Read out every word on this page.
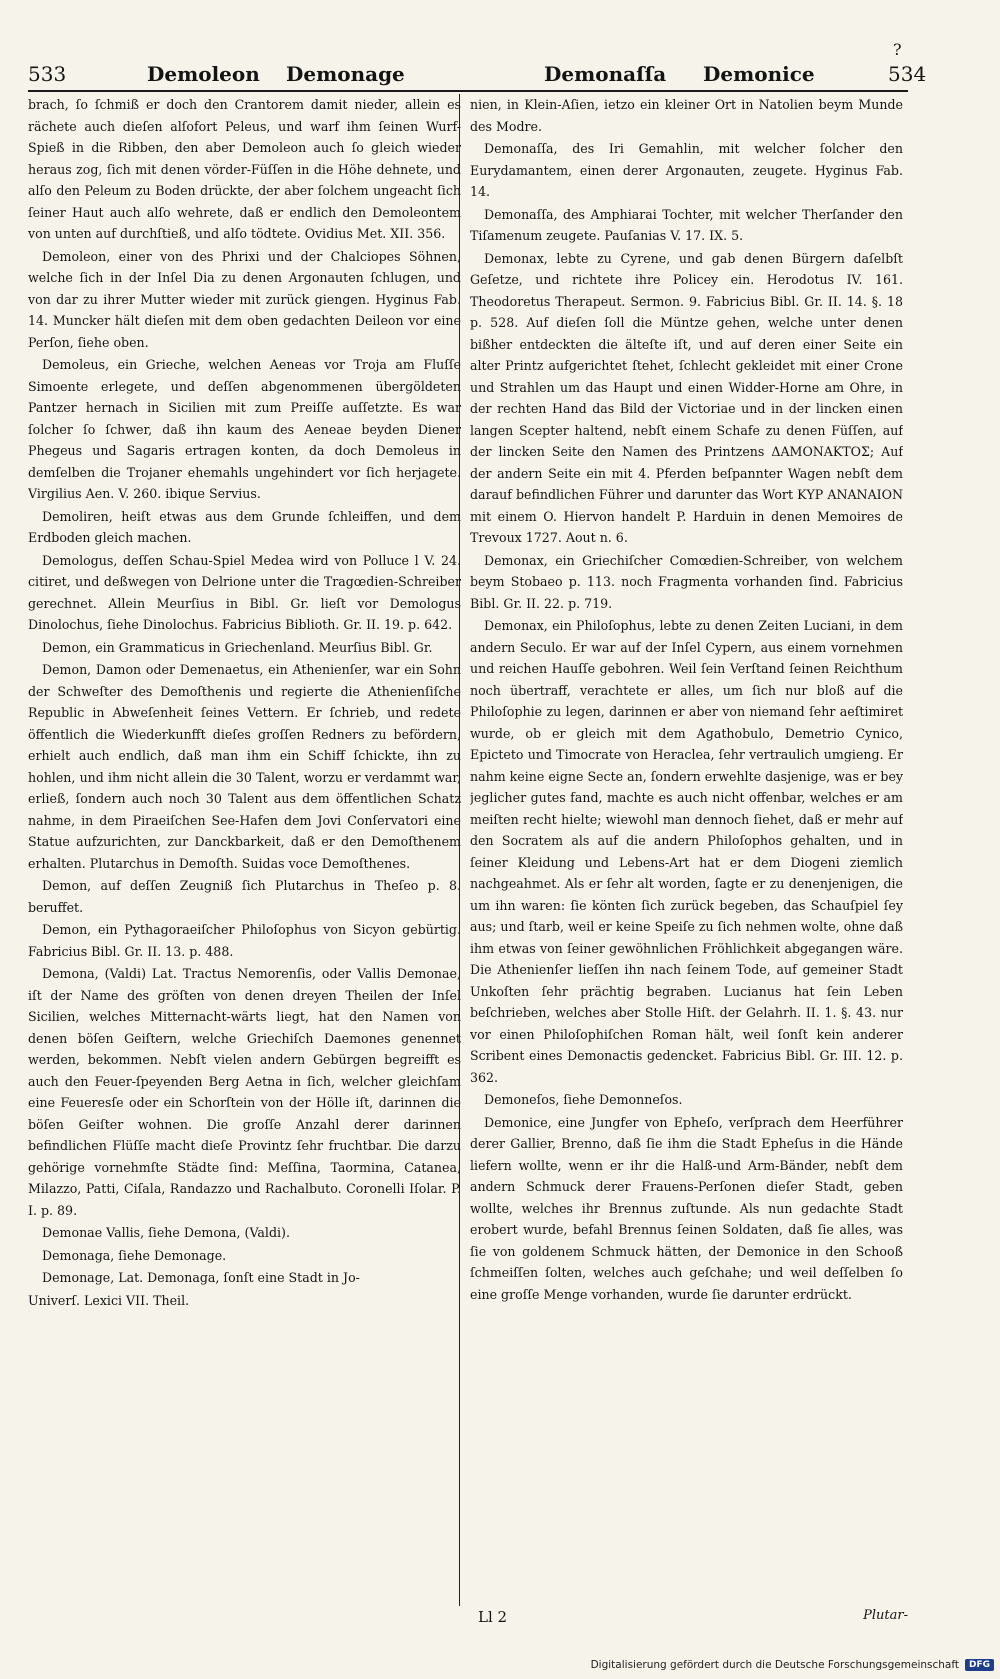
?
533	Demoleon Demonage	Demonaſſa Demonice	534

brach, ſo ſchmiß er doch den Crantorem damit nieder, allein es rächete auch dieſen alſofort Peleus, und warf ihm ſeinen Wurf-Spieß in die Ribben, den aber Demoleon auch ſo gleich wieder heraus zog, ſich mit denen vörder-Füſſen in die Höhe dehnete, und alſo den Peleum zu Boden drückte, der aber ſolchem ungeacht ſich ſeiner Haut auch alſo wehrete, daß er endlich den Demoleontem von unten auf durchſtieß, und alſo tödtete. Ovidius Met. XII. 356.

Demoleon, einer von des Phrixi und der Chalciopes Söhnen, welche ſich in der Inſel Dia zu denen Argonauten ſchlugen, und von dar zu ihrer Mutter wieder mit zurück giengen. Hyginus Fab. 14. Muncker hält dieſen mit dem oben gedachten Deileon vor eine Perſon, ſiehe oben.

Demoleus, ein Grieche, welchen Aeneas vor Troja am Fluſſe Simoente erlegete, und deſſen abgenommenen übergöldeten Pantzer hernach in Sicilien mit zum Preiſſe auſſetzte. Es war ſolcher ſo ſchwer, daß ihn kaum des Aeneae beyden Diener Phegeus und Sagaris ertragen konten, da doch Demoleus in demſelben die Trojaner ehemahls ungehindert vor ſich herjagete. Virgilius Aen. V. 260. ibique Servius.

Demoliren, heiſt etwas aus dem Grunde ſchleiffen, und dem Erdboden gleich machen.

Demologus, deſſen Schau-Spiel Medea wird von Polluce l V. 24. citiret, und deßwegen von Delrione unter die Tragœdien-Schreiber gerechnet. Allein Meurſius in Bibl. Gr. lieſt vor Demologus Dinolochus, ſiehe Dinolochus. Fabricius Biblioth. Gr. II. 19. p. 642.

Demon, ein Grammaticus in Griechenland. Meurſius Bibl. Gr.

Demon, Damon oder Demenaetus, ein Athenienſer, war ein Sohn der Schweſter des Demoſthenis und regierte die Athenienſiſche Republic in Abweſenheit ſeines Vettern. Er ſchrieb, und redete öffentlich die Wiederkunfft dieſes groſſen Redners zu befördern, erhielt auch endlich, daß man ihm ein Schiff ſchickte, ihn zu hohlen, und ihm nicht allein die 30 Talent, worzu er verdammt war, erließ, ſondern auch noch 30 Talent aus dem öffentlichen Schatz nahme, in dem Piraeiſchen See-Hafen dem Jovi Conſervatori eine Statue aufzurichten, zur Danckbarkeit, daß er den Demoſthenem erhalten. Plutarchus in Demoſth. Suidas voce Demoſthenes.

Demon, auf deſſen Zeugniß ſich Plutarchus in Theſeo p. 8. beruffet.

Demon, ein Pythagoraeiſcher Philoſophus von Sicyon gebürtig. Fabricius Bibl. Gr. II. 13. p. 488.

Demona, (Valdi) Lat. Tractus Nemorenſis, oder Vallis Demonae, iſt der Name des gröſten von denen dreyen Theilen der Inſel Sicilien, welches Mitternacht-wärts liegt, hat den Namen von denen böſen Geiſtern, welche Griechiſch Daemones genennet werden, bekommen. Nebſt vielen andern Gebürgen begreifft es auch den Feuer-ſpeyenden Berg Aetna in ſich, welcher gleichſam eine Feueresſe oder ein Schorſtein von der Hölle iſt, darinnen die böſen Geiſter wohnen. Die groſſe Anzahl derer darinnen befindlichen Flüſſe macht dieſe Provintz ſehr fruchtbar. Die darzu gehörige vornehmſte Städte ſind: Meſſina, Taormina, Catanea, Milazzo, Patti, Ciſala, Randazzo und Rachalbuto. Coronelli Iſolar. P. I. p. 89.

Demonae Vallis, ſiehe Demona, (Valdi).

Demonaga, ſiehe Demonage.

Demonage, Lat. Demonaga, ſonſt eine Stadt in Jo-

Univerſ. Lexici VII. Theil.

nien, in Klein-Aſien, ietzo ein kleiner Ort in Natolien beym Munde des Modre.

Demonaſſa, des Iri Gemahlin, mit welcher ſolcher den Eurydamantem, einen derer Argonauten, zeugete. Hyginus Fab. 14.

Demonaſſa, des Amphiarai Tochter, mit welcher Therſander den Tiſamenum zeugete. Pauſanias V. 17. IX. 5.

Demonax, lebte zu Cyrene, und gab denen Bürgern daſelbſt Geſetze, und richtete ihre Policey ein. Herodotus IV. 161. Theodoretus Therapeut. Sermon. 9. Fabricius Bibl. Gr. II. 14. §. 18 p. 528. Auf dieſen ſoll die Müntze gehen, welche unter denen bißher entdeckten die älteſte iſt, und auf deren einer Seite ein alter Printz aufgerichtet ſtehet, ſchlecht gekleidet mit einer Crone und Strahlen um das Haupt und einen Widder-Horne am Ohre, in der rechten Hand das Bild der Victoriae und in der lincken einen langen Scepter haltend, nebſt einem Schafe zu denen Füſſen, auf der lincken Seite den Namen des Printzens ΔΑΜΟΝΑΚΤΟΣ; Auf der andern Seite ein mit 4. Pferden beſpannter Wagen nebſt dem darauf befindlichen Führer und darunter das Wort ΚΥΡ ΑΝΑΝΑΙΟΝ mit einem O. Hiervon handelt P. Harduin in denen Memoires de Trevoux 1727. Aout n. 6.

Demonax, ein Griechiſcher Comœdien-Schreiber, von welchem beym Stobaeo p. 113. noch Fragmenta vorhanden ſind. Fabricius Bibl. Gr. II. 22. p. 719.

Demonax, ein Philoſophus, lebte zu denen Zeiten Luciani, in dem andern Seculo. Er war auf der Inſel Cypern, aus einem vornehmen und reichen Hauſſe gebohren. Weil ſein Verſtand ſeinen Reichthum noch übertraff, verachtete er alles, um ſich nur bloß auf die Philoſophie zu legen, darinnen er aber von niemand ſehr aeſtimiret wurde, ob er gleich mit dem Agathobulo, Demetrio Cynico, Epicteto und Timocrate von Heraclea, ſehr vertraulich umgieng. Er nahm keine eigne Secte an, ſondern erwehlte dasjenige, was er bey jeglicher gutes fand, machte es auch nicht offenbar, welches er am meiſten recht hielte; wiewohl man dennoch ſiehet, daß er mehr auf den Socratem als auf die andern Philoſophos gehalten, und in ſeiner Kleidung und Lebens-Art hat er dem Diogeni ziemlich nachgeahmet. Als er ſehr alt worden, ſagte er zu denenjenigen, die um ihn waren: ſie könten ſich zurück begeben, das Schauſpiel ſey aus; und ſtarb, weil er keine Speiſe zu ſich nehmen wolte, ohne daß ihm etwas von ſeiner gewöhnlichen Fröhlichkeit abgegangen wäre. Die Athenienſer lieſſen ihn nach ſeinem Tode, auf gemeiner Stadt Unkoſten ſehr prächtig begraben. Lucianus hat ſein Leben beſchrieben, welches aber Stolle Hiſt. der Gelahrh. II. 1. §. 43. nur vor einen Philoſophiſchen Roman hält, weil ſonſt kein anderer Scribent eines Demonactis gedencket. Fabricius Bibl. Gr. III. 12. p. 362.

Demoneſos, ſiehe Demonneſos.

Demonice, eine Jungfer von Epheſo, verſprach dem Heerführer derer Gallier, Brenno, daß ſie ihm die Stadt Epheſus in die Hände liefern wollte, wenn er ihr die Halß-und Arm-Bänder, nebſt dem andern Schmuck derer Frauens-Perſonen dieſer Stadt, geben wollte, welches ihr Brennus zuſtunde. Als nun gedachte Stadt erobert wurde, befahl Brennus ſeinen Soldaten, daß ſie alles, was ſie von goldenem Schmuck hätten, der Demonice in den Schooß ſchmeiſſen ſolten, welches auch geſchahe; und weil deſſelben ſo eine groſſe Menge vorhanden, wurde ſie darunter erdrückt.

Ll 2	Plutar-
Digitalisierung gefördert durch die Deutsche Forschungsgemeinschaft	DFG
